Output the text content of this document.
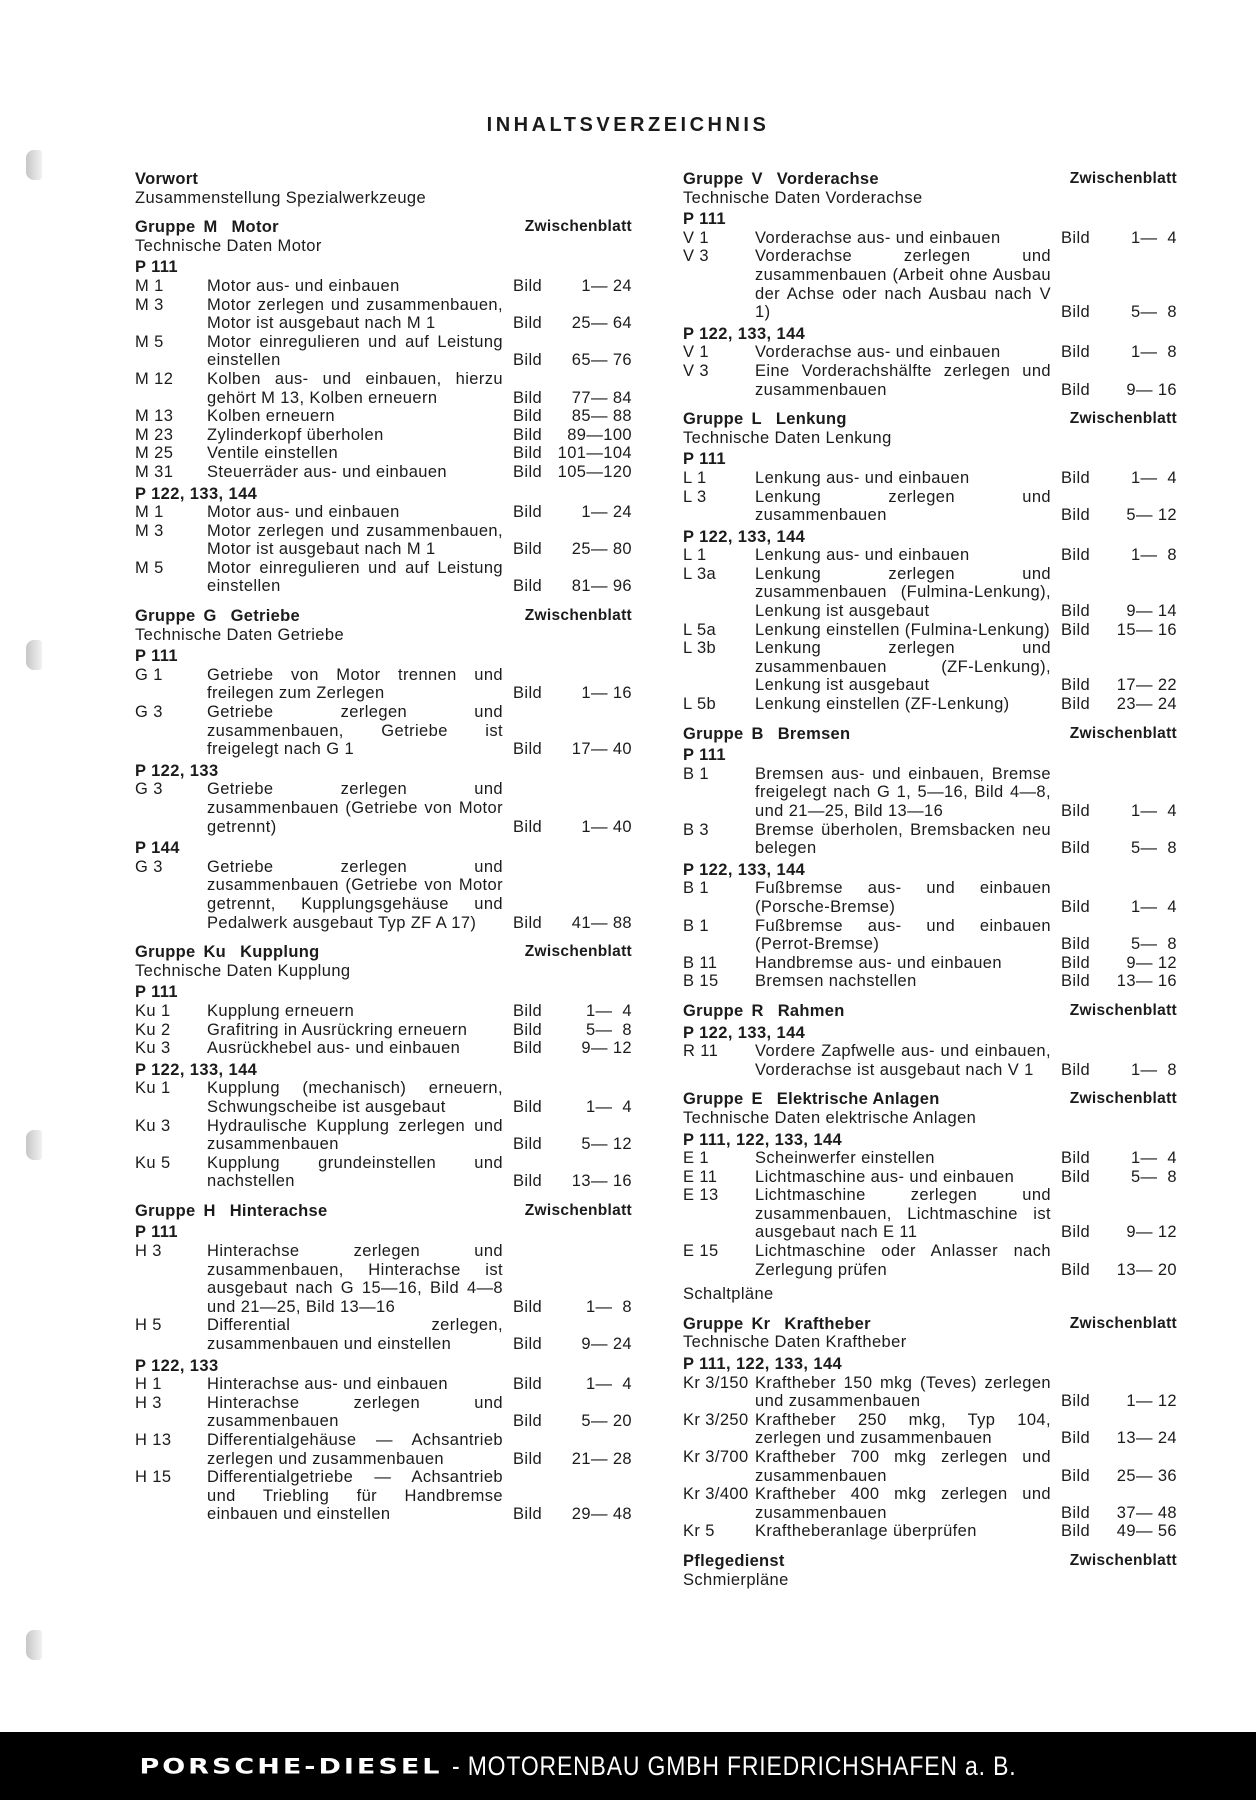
INHALTSVERZEICHNIS
Vorwort
Zusammenstellung Spezialwerkzeuge
Gruppe M Motor	Zwischenblatt
Technische Daten Motor
P 111
M 1	Motor aus- und einbauen	Bild	1— 24
M 3	Motor zerlegen und zusammenbauen, Motor ist ausgebaut nach M 1	Bild	25— 64
M 5	Motor einregulieren und auf Leistung einstellen	Bild	65— 76
M 12	Kolben aus- und einbauen, hierzu gehört M 13, Kolben erneuern	Bild	77— 84
M 13	Kolben erneuern	Bild	85— 88
M 23	Zylinderkopf überholen	Bild	89—100
M 25	Ventile einstellen	Bild 101—104
M 31	Steuerräder aus- und einbauen	Bild 105—120
P 122, 133, 144
M 1	Motor aus- und einbauen	Bild	1— 24
M 3	Motor zerlegen und zusammenbauen, Motor ist ausgebaut nach M 1	Bild	25— 80
M 5	Motor einregulieren und auf Leistung einstellen	Bild	81— 96
Gruppe G Getriebe	Zwischenblatt
Technische Daten Getriebe
P 111
G 1	Getriebe von Motor trennen und freilegen zum Zerlegen	Bild	1— 16
G 3	Getriebe zerlegen und zusammenbauen, Getriebe ist freigelegt nach G 1	Bild	17— 40
P 122, 133
G 3	Getriebe zerlegen und zusammenbauen (Getriebe von Motor getrennt)	Bild	1— 40
P 144
G 3	Getriebe zerlegen und zusammenbauen (Getriebe von Motor getrennt, Kupplungsgehäuse und Pedalwerk ausgebaut Typ ZF A 17)	Bild	41— 88
Gruppe Ku Kupplung	Zwischenblatt
Technische Daten Kupplung
P 111
Ku 1	Kupplung erneuern	Bild	1—  4
Ku 2	Grafitring in Ausrückring erneuern	Bild	5—  8
Ku 3	Ausrückhebel aus- und einbauen	Bild	9— 12
P 122, 133, 144
Ku 1	Kupplung (mechanisch) erneuern, Schwungscheibe ist ausgebaut	Bild	1—  4
Ku 3	Hydraulische Kupplung zerlegen und zusammenbauen	Bild	5— 12
Ku 5	Kupplung grundeinstellen und nachstellen	Bild	13— 16
Gruppe H Hinterachse	Zwischenblatt
P 111
H 3	Hinterachse zerlegen und zusammenbauen, Hinterachse ist ausgebaut nach G 15—16, Bild 4—8 und 21—25, Bild 13—16	Bild	1—  8
H 5	Differential zerlegen, zusammenbauen und einstellen	Bild	9— 24
P 122, 133
H 1	Hinterachse aus- und einbauen	Bild	1—  4
H 3	Hinterachse zerlegen und zusammenbauen	Bild	5— 20
H 13	Differentialgehäuse — Achsantrieb zerlegen und zusammenbauen	Bild	21— 28
H 15	Differentialgetriebe — Achsantrieb und Triebling für Handbremse einbauen und einstellen	Bild	29— 48
Gruppe V Vorderachse	Zwischenblatt
Technische Daten Vorderachse
P 111
V 1	Vorderachse aus- und einbauen	Bild	1—  4
V 3	Vorderachse zerlegen und zusammenbauen (Arbeit ohne Ausbau der Achse oder nach Ausbau nach V 1)	Bild	5—  8
P 122, 133, 144
V 1	Vorderachse aus- und einbauen	Bild	1—  8
V 3	Eine Vorderachshälfte zerlegen und zusammenbauen	Bild	9— 16
Gruppe L Lenkung	Zwischenblatt
Technische Daten Lenkung
P 111
L 1	Lenkung aus- und einbauen	Bild	1—  4
L 3	Lenkung zerlegen und zusammenbauen	Bild	5— 12
P 122, 133, 144
L 1	Lenkung aus- und einbauen	Bild	1—  8
L 3a	Lenkung zerlegen und zusammenbauen (Fulmina-Lenkung), Lenkung ist ausgebaut	Bild	9— 14
L 5a	Lenkung einstellen (Fulmina-Lenkung) Bild	15— 16
L 3b	Lenkung zerlegen und zusammenbauen (ZF-Lenkung), Lenkung ist ausgebaut	Bild	17— 22
L 5b	Lenkung einstellen (ZF-Lenkung)	Bild	23— 24
Gruppe B Bremsen	Zwischenblatt
P 111
B 1	Bremsen aus- und einbauen, Bremse freigelegt nach G 1, 5—16, Bild 4—8, und 21—25, Bild 13—16	Bild	1—  4
B 3	Bremse überholen, Bremsbacken neu belegen	Bild	5—  8
P 122, 133, 144
B 1	Fußbremse aus- und einbauen (Porsche-Bremse)	Bild	1—  4
B 1	Fußbremse aus- und einbauen (Perrot-Bremse)	Bild	5—  8
B 11	Handbremse aus- und einbauen	Bild	9— 12
B 15	Bremsen nachstellen	Bild	13— 16
Gruppe R Rahmen	Zwischenblatt
P 122, 133, 144
R 11	Vordere Zapfwelle aus- und einbauen, Vorderachse ist ausgebaut nach V 1	Bild	1—  8
Gruppe E Elektrische Anlagen	Zwischenblatt
Technische Daten elektrische Anlagen
P 111, 122, 133, 144
E 1	Scheinwerfer einstellen	Bild	1—  4
E 11	Lichtmaschine aus- und einbauen	Bild	5—  8
E 13	Lichtmaschine zerlegen und zusammenbauen, Lichtmaschine ist ausgebaut nach E 11	Bild	9— 12
E 15	Lichtmaschine oder Anlasser nach Zerlegung prüfen	Bild	13— 20
Schaltpläne
Gruppe Kr Kraftheber	Zwischenblatt
Technische Daten Kraftheber
P 111, 122, 133, 144
Kr 3/150 Kraftheber 150 mkg (Teves) zerlegen und zusammenbauen	Bild	1— 12
Kr 3/250 Kraftheber 250 mkg, Typ 104, zerlegen und zusammenbauen	Bild	13— 24
Kr 3/700 Kraftheber 700 mkg zerlegen und zusammenbauen	Bild	25— 36
Kr 3/400 Kraftheber 400 mkg zerlegen und zusammenbauen	Bild	37— 48
Kr 5	Kraftheberanlage überprüfen	Bild	49— 56
Pflegedienst	Zwischenblatt
Schmierpläne
PORSCHE-DIESEL - MOTORENBAU GMBH FRIEDRICHSHAFEN a. B.
